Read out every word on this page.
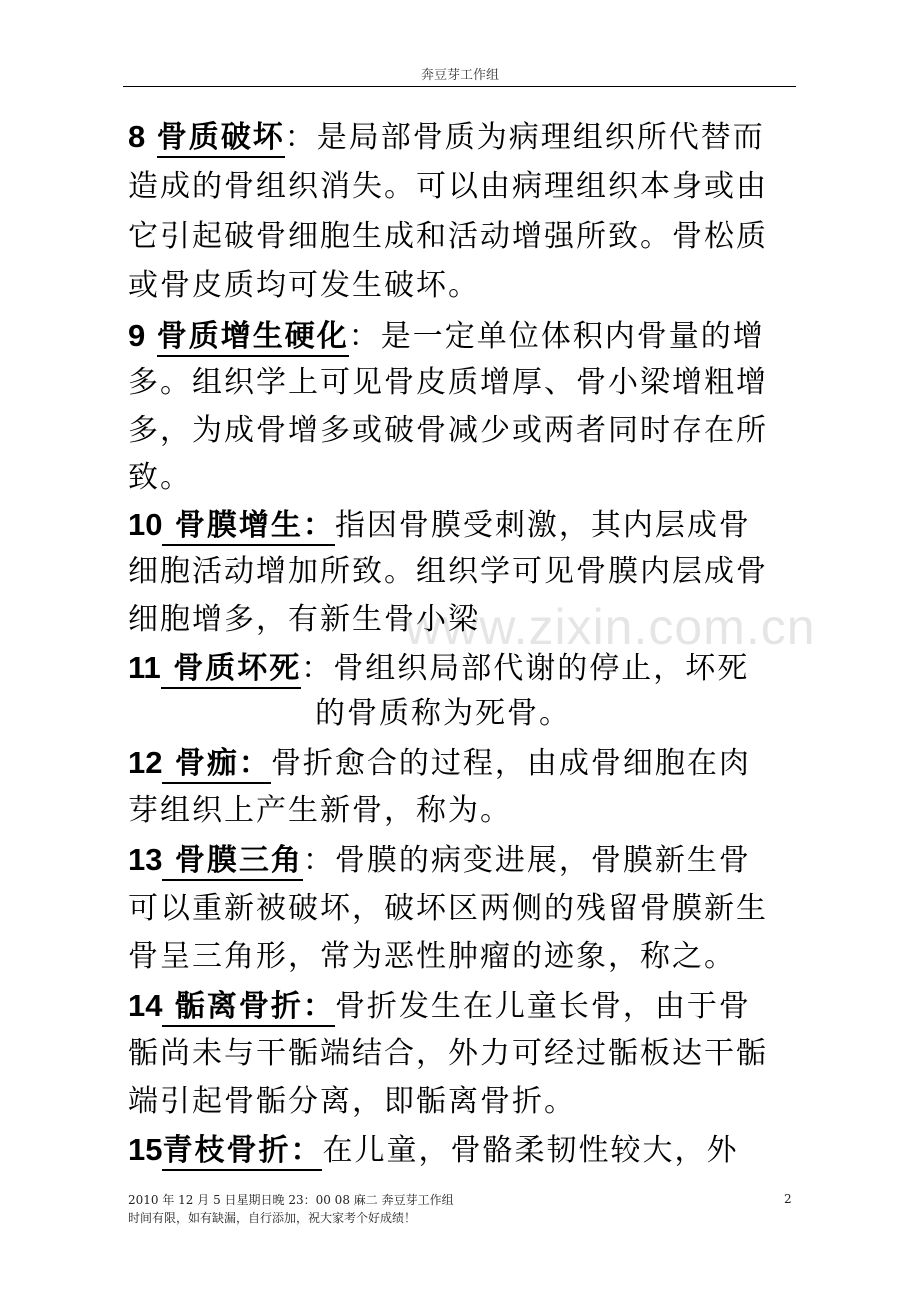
奔豆芽工作组
www.zixin.com.cn
8 骨质破坏：是局部骨质为病理组织所代替而
造成的骨组织消失。可以由病理组织本身或由
它引起破骨细胞生成和活动增强所致。骨松质
或骨皮质均可发生破坏。
9 骨质增生硬化：是一定单位体积内骨量的增
多。组织学上可见骨皮质增厚、骨小梁增粗增
多，为成骨增多或破骨减少或两者同时存在所
致。
10 骨膜增生：指因骨膜受刺激，其内层成骨
细胞活动增加所致。组织学可见骨膜内层成骨
细胞增多，有新生骨小梁
11 骨质坏死：骨组织局部代谢的停止，坏死
的骨质称为死骨。
12 骨痂：骨折愈合的过程，由成骨细胞在肉
芽组织上产生新骨，称为。
13 骨膜三角：骨膜的病变进展，骨膜新生骨
可以重新被破坏，破坏区两侧的残留骨膜新生
骨呈三角形，常为恶性肿瘤的迹象，称之。
14 骺离骨折：骨折发生在儿童长骨，由于骨
骺尚未与干骺端结合，外力可经过骺板达干骺
端引起骨骺分离，即骺离骨折。
15青枝骨折：在儿童，骨骼柔韧性较大，外
2010 年 12 月 5 日星期日晚 23：00 08 麻二 奔豆芽工作组	2
时间有限，如有缺漏，自行添加，祝大家考个好成绩！
